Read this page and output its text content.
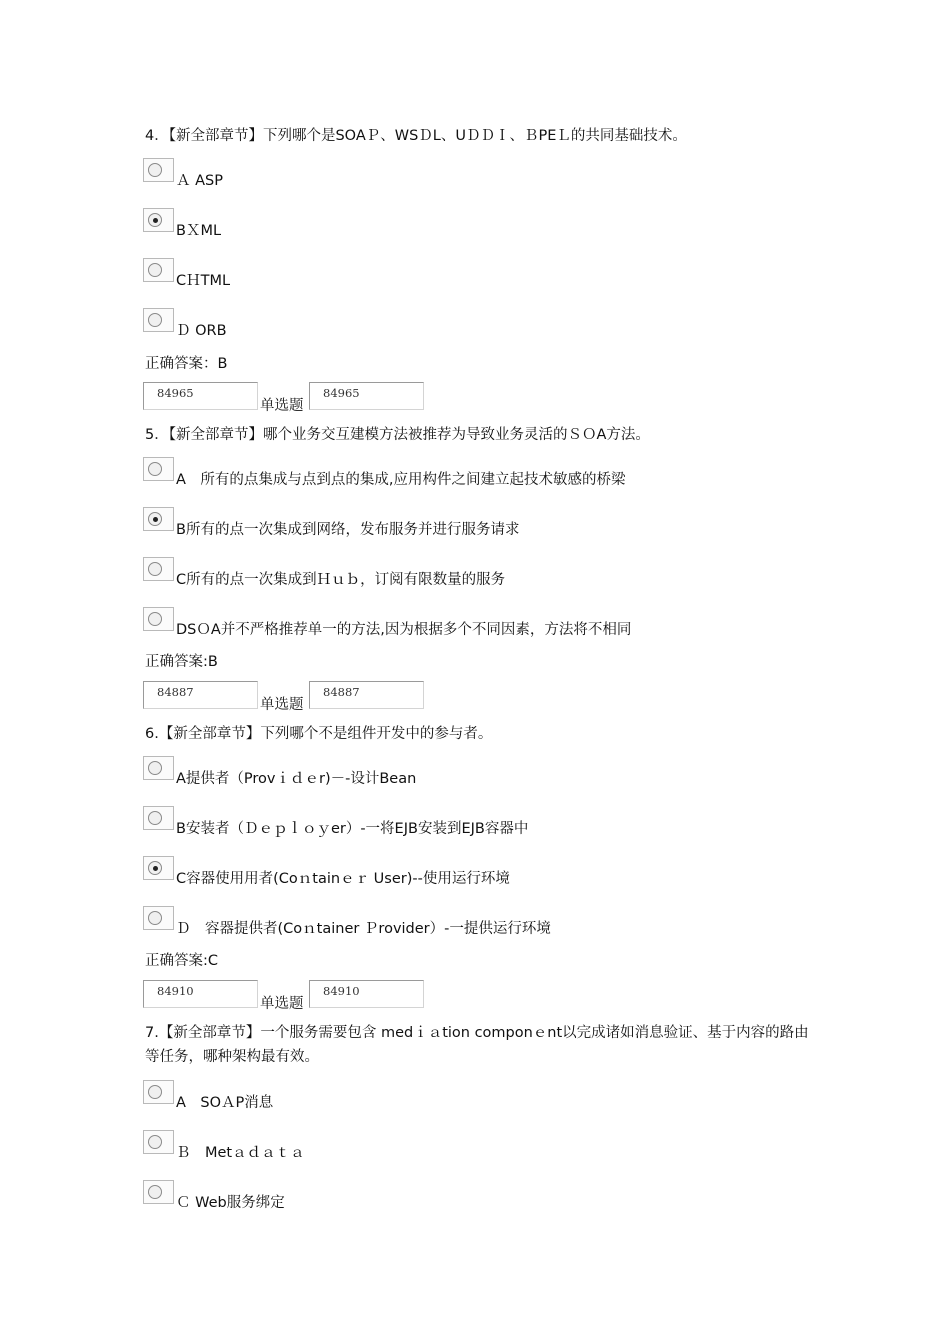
4．【新全部章节】下列哪个是SOAＰ、WSＤL、UＤＤＩ、ＢPEＬ的共同基础技术。
Ａ ASP
BＸML
CＨTML
Ｄ ORB
正确答案：B
84965
单选题
84965
5．【新全部章节】哪个业务交互建模方法被推荐为导致业务灵活的ＳＯA方法。
A　所有的点集成与点到点的集成,应用构件之间建立起技术敏感的桥梁
B所有的点一次集成到网络，发布服务并进行服务请求
C所有的点一次集成到Ｈｕｂ，订阅有限数量的服务
DSＯA并不严格推荐单一的方法,因为根据多个不同因素，方法将不相同
正确答案:B
84887
单选题
84887
6.【新全部章节】下列哪个不是组件开发中的参与者。
A提供者（Provｉｄｅr)－-设计Bean
B安装者（Ｄｅｐｌｏｙer）-一将EJB安装到EJB容器中
C容器使用用者(Coｎtainｅｒ User)--使用运行环境
Ｄ　容器提供者(Coｎtainer Ｐrovider）-一提供运行环境
正确答案:C
84910
单选题
84910
7.【新全部章节】一个服务需要包含 medｉａtion componｅnt以完成诸如消息验证、基于内容的路由等任务，哪种架构最有效。
A　SOＡP消息
Ｂ　Metａｄａｔａ
Ｃ Web服务绑定
